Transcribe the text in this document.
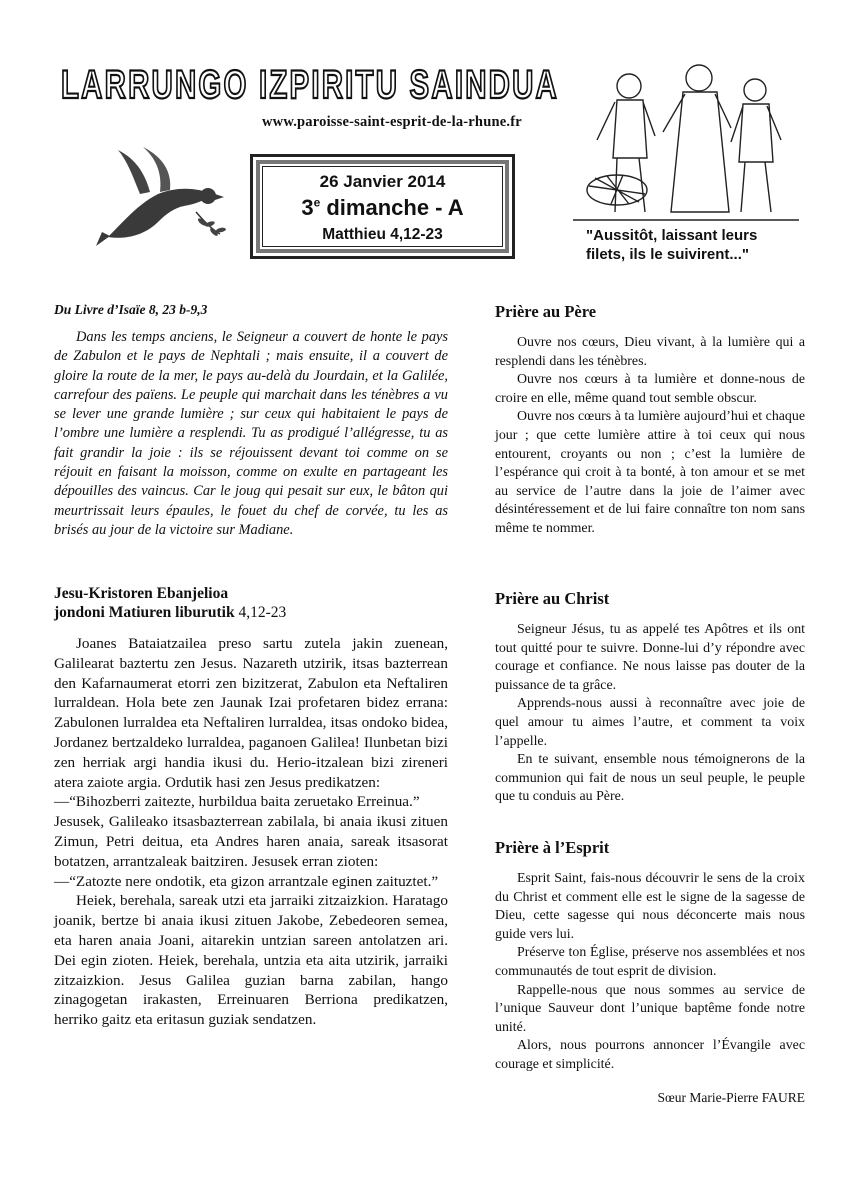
LARRUNGO IZPIRITU SAINDUA
www.paroisse-saint-esprit-de-la-rhune.fr
26 Janvier 2014
3e dimanche - A
Matthieu 4,12-23	"Aussitôt, laissant leurs
filets, ils le suivirent..."

Du Livre d’Isaïe 8, 23 b-9,3

Dans les temps anciens, le Seigneur a couvert de honte le pays de Zabulon et le pays de Nephtali ; mais ensuite, il a couvert de gloire la route de la mer, le pays au-delà du Jourdain, et la Galilée, carrefour des païens. Le peuple qui marchait dans les ténèbres a vu se lever une grande lumière ; sur ceux qui habitaient le pays de l’ombre une lumière a resplendi. Tu as prodigué l’allégresse, tu as fait grandir la joie : ils se réjouissent devant toi comme on se réjouit en faisant la moisson, comme on exulte en partageant les dépouilles des vaincus. Car le joug qui pesait sur eux, le bâton qui meurtrissait leurs épaules, le fouet du chef de corvée, tu les as brisés au jour de la victoire sur Madiane.

Jesu-Kristoren Ebanjelioa

jondoni Matiuren liburutik 4,12-23

Joanes Bataiatzailea preso sartu zutela jakin zuenean, Galilearat baztertu zen Jesus. Nazareth utzirik, itsas bazterrean den Kafarnaumerat etorri zen bizitzerat, Zabulon eta Neftaliren lurraldean. Hola bete zen Jaunak Izai profetaren bidez errana: Zabulonen lurraldea eta Neftaliren lurraldea, itsas ondoko bidea, Jordanez bertzaldeko lurraldea, paganoen Galilea! Ilunbetan bizi zen herriak argi handia ikusi du. Herio-itzalean bizi zireneri atera zaiote argia. Ordutik hasi zen Jesus predikatzen:

—“Bihozberri zaitezte, hurbildua baita zeruetako Erreinua.”

Jesusek, Galileako itsasbazterrean zabilala, bi anaia ikusi zituen Zimun, Petri deitua, eta Andres haren anaia, sareak itsasorat botatzen, arrantzaleak baitziren. Jesusek erran zioten:

—“Zatozte nere ondotik, eta gizon arrantzale eginen zaituztet.”

Heiek, berehala, sareak utzi eta jarraiki zitzaizkion. Haratago joanik, bertze bi anaia ikusi zituen Jakobe, Zebedeoren semea, eta haren anaia Joani, aitarekin untzian sareen antolatzen ari. Dei egin zioten. Heiek, berehala, untzia eta aita utzirik, jarraiki zitzaizkion. Jesus Galilea guzian barna zabilan, hango zinagogetan irakasten, Erreinuaren Berriona predikatzen, herriko gaitz eta eritasun guziak sendatzen.

Prière au Père

Ouvre nos cœurs, Dieu vivant, à la lumière qui a resplendi dans les ténèbres.

Ouvre nos cœurs à ta lumière et donne-nous de croire en elle, même quand tout semble obscur.

Ouvre nos cœurs à ta lumière aujourd’hui et chaque jour ; que cette lumière attire à toi ceux qui nous entourent, croyants ou non ; c’est la lumière de l’espérance qui croit à ta bonté, à ton amour et se met au service de l’autre dans la joie de l’aimer avec désintéressement et de lui faire connaître ton nom sans même te nommer.

Prière au Christ

Seigneur Jésus, tu as appelé tes Apôtres et ils ont tout quitté pour te suivre. Donne-lui d’y répondre avec courage et confiance. Ne nous laisse pas douter de la puissance de ta grâce.

Apprends-nous aussi à reconnaître avec joie de quel amour tu aimes l’autre, et comment ta voix l’appelle.

En te suivant, ensemble nous témoignerons de la communion qui fait de nous un seul peuple, le peuple que tu conduis au Père.

Prière à l’Esprit

Esprit Saint, fais-nous découvrir le sens de la croix du Christ et comment elle est le signe de la sagesse de Dieu, cette sagesse qui nous déconcerte mais nous guide vers lui.

Préserve ton Église, préserve nos assemblées et nos communautés de tout esprit de division.

Rappelle-nous que nous sommes au service de l’unique Sauveur dont l’unique baptême fonde notre unité.

Alors, nous pourrons annoncer l’Évangile avec courage et simplicité.

Sœur Marie-Pierre FAURE
